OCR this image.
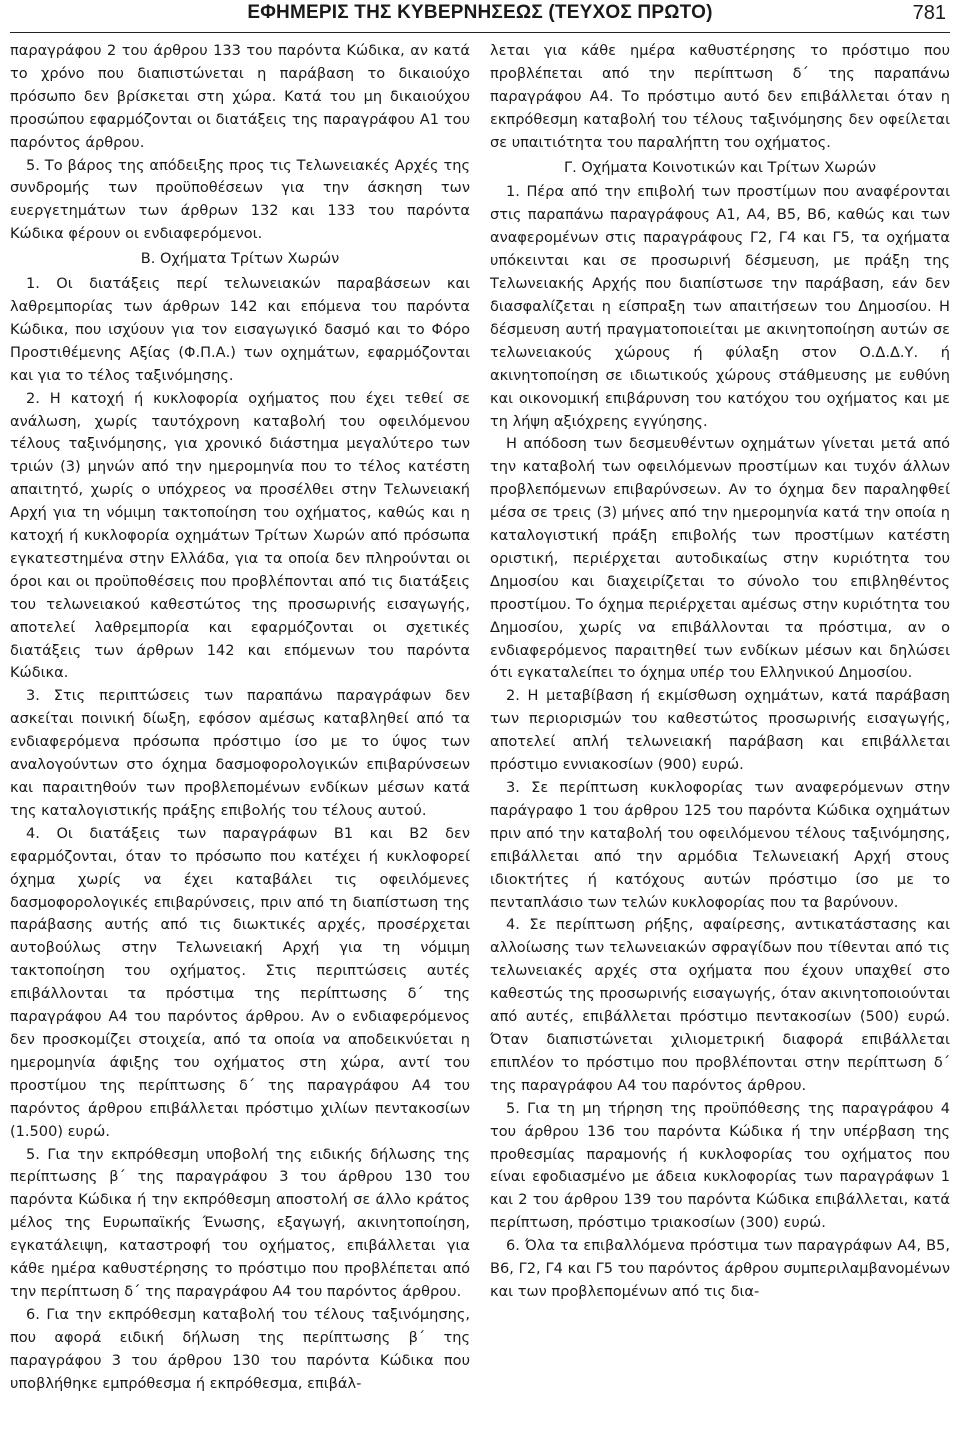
ΕΦΗΜΕΡΙΣ ΤΗΣ ΚΥΒΕΡΝΗΣΕΩΣ (ΤΕΥΧΟΣ ΠΡΩΤΟ)	781

παραγράφου 2 του άρθρου 133 του παρόντα Κώδικα, αν κατά το χρόνο που διαπιστώνεται η παράβαση το δικαιούχο πρόσωπο δεν βρίσκεται στη χώρα. Κατά του μη δικαιούχου προσώπου εφαρμόζονται οι διατάξεις της παραγράφου Α1 του παρόντος άρθρου.

5. Το βάρος της απόδειξης προς τις Τελωνειακές Αρχές της συνδρομής των προϋποθέσεων για την άσκηση των ευεργετημάτων των άρθρων 132 και 133 του παρόντα Κώδικα φέρουν οι ενδιαφερόμενοι.

Β. Οχήματα Τρίτων Χωρών

1. Οι διατάξεις περί τελωνειακών παραβάσεων και λαθρεμπορίας των άρθρων 142 και επόμενα του παρόντα Κώδικα, που ισχύουν για τον εισαγωγικό δασμό και το Φόρο Προστιθέμενης Αξίας (Φ.Π.Α.) των οχημάτων, εφαρμόζονται και για το τέλος ταξινόμησης.

2. Η κατοχή ή κυκλοφορία οχήματος που έχει τεθεί σε ανάλωση, χωρίς ταυτόχρονη καταβολή του οφειλόμενου τέλους ταξινόμησης, για χρονικό διάστημα μεγαλύτερο των τριών (3) μηνών από την ημερομηνία που το τέλος κατέστη απαιτητό, χωρίς ο υπόχρεος να προσέλθει στην Τελωνειακή Αρχή για τη νόμιμη τακτοποίηση του οχήματος, καθώς και η κατοχή ή κυκλοφορία οχημάτων Τρίτων Χωρών από πρόσωπα εγκατεστημένα στην Ελλάδα, για τα οποία δεν πληρούνται οι όροι και οι προϋποθέσεις που προβλέπονται από τις διατάξεις του τελωνειακού καθεστώτος της προσωρινής εισαγωγής, αποτελεί λαθρεμπορία και εφαρμόζονται οι σχετικές διατάξεις των άρθρων 142 και επόμενων του παρόντα Κώδικα.

3. Στις περιπτώσεις των παραπάνω παραγράφων δεν ασκείται ποινική δίωξη, εφόσον αμέσως καταβληθεί από τα ενδιαφερόμενα πρόσωπα πρόστιμο ίσο με το ύψος των αναλογούντων στο όχημα δασμοφορολογικών επιβαρύνσεων και παραιτηθούν των προβλεπομένων ενδίκων μέσων κατά της καταλογιστικής πράξης επιβολής του τέλους αυτού.

4. Οι διατάξεις των παραγράφων Β1 και Β2 δεν εφαρμόζονται, όταν το πρόσωπο που κατέχει ή κυκλοφορεί όχημα χωρίς να έχει καταβάλει τις οφειλόμενες δασμοφορολογικές επιβαρύνσεις, πριν από τη διαπίστωση της παράβασης αυτής από τις διωκτικές αρχές, προσέρχεται αυτοβούλως στην Τελωνειακή Αρχή για τη νόμιμη τακτοποίηση του οχήματος. Στις περιπτώσεις αυτές επιβάλλονται τα πρόστιμα της περίπτωσης δ΄ της παραγράφου Α4 του παρόντος άρθρου. Αν ο ενδιαφερόμενος δεν προσκομίζει στοιχεία, από τα οποία να αποδεικνύεται η ημερομηνία άφιξης του οχήματος στη χώρα, αντί του προστίμου της περίπτωσης δ΄ της παραγράφου Α4 του παρόντος άρθρου επιβάλλεται πρόστιμο χιλίων πεντακοσίων (1.500) ευρώ.

5. Για την εκπρόθεσμη υποβολή της ειδικής δήλωσης της περίπτωσης β΄ της παραγράφου 3 του άρθρου 130 του παρόντα Κώδικα ή την εκπρόθεσμη αποστολή σε άλλο κράτος μέλος της Ευρωπαϊκής Ένωσης, εξαγωγή, ακινητοποίηση, εγκατάλειψη, καταστροφή του οχήματος, επιβάλλεται για κάθε ημέρα καθυστέρησης το πρόστιμο που προβλέπεται από την περίπτωση δ΄ της παραγράφου Α4 του παρόντος άρθρου.

6. Για την εκπρόθεσμη καταβολή του τέλους ταξινόμησης, που αφορά ειδική δήλωση της περίπτωσης β΄ της παραγράφου 3 του άρθρου 130 του παρόντα Κώδικα που υποβλήθηκε εμπρόθεσμα ή εκπρόθεσμα, επιβάλ-

λεται για κάθε ημέρα καθυστέρησης το πρόστιμο που προβλέπεται από την περίπτωση δ΄ της παραπάνω παραγράφου Α4. Το πρόστιμο αυτό δεν επιβάλλεται όταν η εκπρόθεσμη καταβολή του τέλους ταξινόμησης δεν οφείλεται σε υπαιτιότητα του παραλήπτη του οχήματος.

Γ. Οχήματα Κοινοτικών και Τρίτων Χωρών

1. Πέρα από την επιβολή των προστίμων που αναφέρονται στις παραπάνω παραγράφους Α1, Α4, Β5, Β6, καθώς και των αναφερομένων στις παραγράφους Γ2, Γ4 και Γ5, τα οχήματα υπόκεινται και σε προσωρινή δέσμευση, με πράξη της Τελωνειακής Αρχής που διαπίστωσε την παράβαση, εάν δεν διασφαλίζεται η είσπραξη των απαιτήσεων του Δημοσίου. Η δέσμευση αυτή πραγματοποιείται με ακινητοποίηση αυτών σε τελωνειακούς χώρους ή φύλαξη στον Ο.Δ.Δ.Υ. ή ακινητοποίηση σε ιδιωτικούς χώρους στάθμευσης με ευθύνη και οικονομική επιβάρυνση του κατόχου του οχήματος και με τη λήψη αξιόχρεης εγγύησης.

Η απόδοση των δεσμευθέντων οχημάτων γίνεται μετά από την καταβολή των οφειλόμενων προστίμων και τυχόν άλλων προβλεπόμενων επιβαρύνσεων. Αν το όχημα δεν παραληφθεί μέσα σε τρεις (3) μήνες από την ημερομηνία κατά την οποία η καταλογιστική πράξη επιβολής των προστίμων κατέστη οριστική, περιέρχεται αυτοδικαίως στην κυριότητα του Δημοσίου και διαχειρίζεται το σύνολο του επιβληθέντος προστίμου. Το όχημα περιέρχεται αμέσως στην κυριότητα του Δημοσίου, χωρίς να επιβάλλονται τα πρόστιμα, αν ο ενδιαφερόμενος παραιτηθεί των ενδίκων μέσων και δηλώσει ότι εγκαταλείπει το όχημα υπέρ του Ελληνικού Δημοσίου.

2. Η μεταβίβαση ή εκμίσθωση οχημάτων, κατά παράβαση των περιορισμών του καθεστώτος προσωρινής εισαγωγής, αποτελεί απλή τελωνειακή παράβαση και επιβάλλεται πρόστιμο εννιακοσίων (900) ευρώ.

3. Σε περίπτωση κυκλοφορίας των αναφερόμενων στην παράγραφο 1 του άρθρου 125 του παρόντα Κώδικα οχημάτων πριν από την καταβολή του οφειλόμενου τέλους ταξινόμησης, επιβάλλεται από την αρμόδια Τελωνειακή Αρχή στους ιδιοκτήτες ή κατόχους αυτών πρόστιμο ίσο με το πενταπλάσιο των τελών κυκλοφορίας που τα βαρύνουν.

4. Σε περίπτωση ρήξης, αφαίρεσης, αντικατάστασης και αλλοίωσης των τελωνειακών σφραγίδων που τίθενται από τις τελωνειακές αρχές στα οχήματα που έχουν υπαχθεί στο καθεστώς της προσωρινής εισαγωγής, όταν ακινητοποιούνται από αυτές, επιβάλλεται πρόστιμο πεντακοσίων (500) ευρώ. Όταν διαπιστώνεται χιλιομετρική διαφορά επιβάλλεται επιπλέον το πρόστιμο που προβλέπονται στην περίπτωση δ΄ της παραγράφου Α4 του παρόντος άρθρου.

5. Για τη μη τήρηση της προϋπόθεσης της παραγράφου 4 του άρθρου 136 του παρόντα Κώδικα ή την υπέρβαση της προθεσμίας παραμονής ή κυκλοφορίας του οχήματος που είναι εφοδιασμένο με άδεια κυκλοφορίας των παραγράφων 1 και 2 του άρθρου 139 του παρόντα Κώδικα επιβάλλεται, κατά περίπτωση, πρόστιμο τριακοσίων (300) ευρώ.

6. Όλα τα επιβαλλόμενα πρόστιμα των παραγράφων Α4, Β5, Β6, Γ2, Γ4 και Γ5 του παρόντος άρθρου συμπεριλαμβανομένων και των προβλεπομένων από τις δια-
